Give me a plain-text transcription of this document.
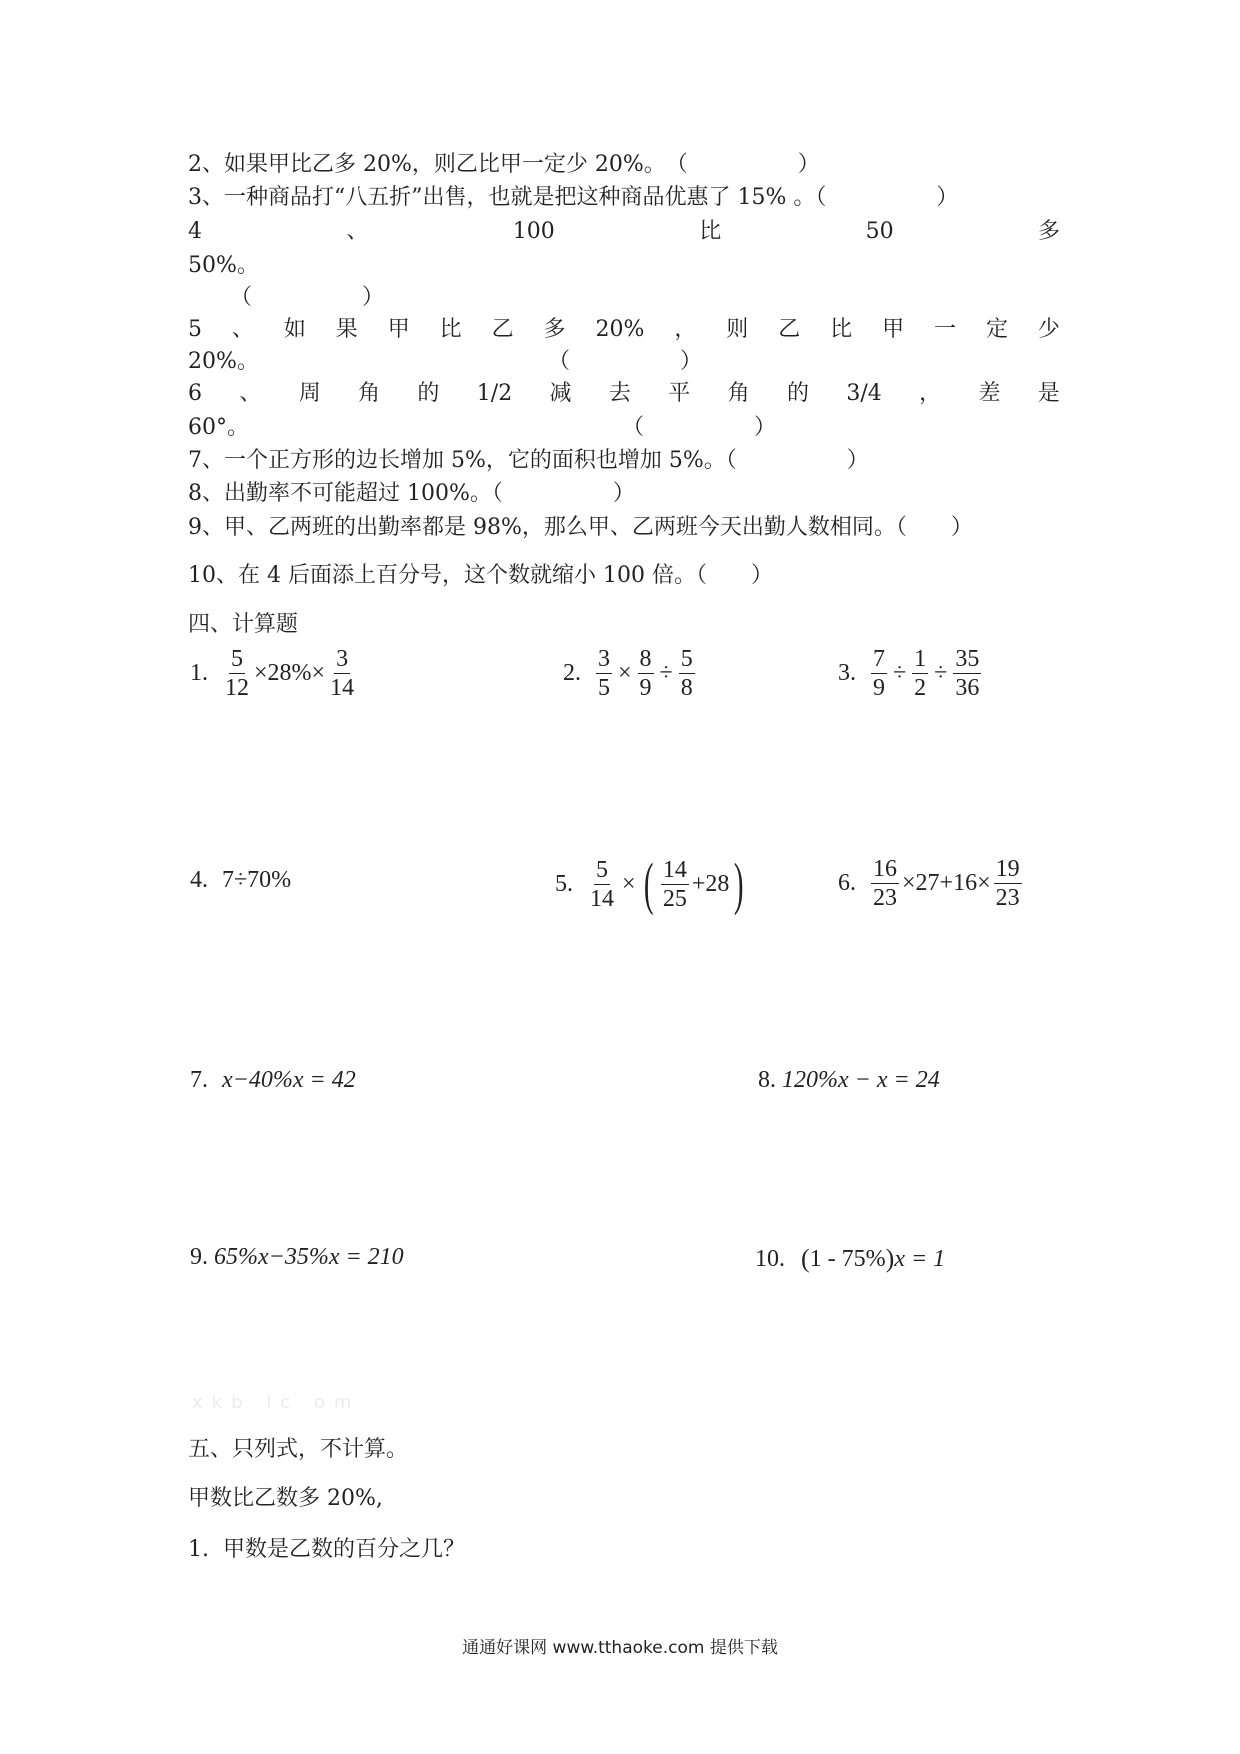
2、如果甲比乙多 20%，则乙比甲一定少 20%。　（　　　　　）
3、一种商品打“八五折”出售，也就是把这种商品优惠了 15% 。（　　　　　）
4	、	100	比	50	多
50%。
（　　　　　）
5 、 如 果 甲 比 乙 多 20% ， 则 乙 比 甲 一 定 少
20%。	（　　　　　）
6 、 周 角 的 1/2 减 去 平 角 的 3/4 ， 差 是
60°。	（　　　　　）
7、一个正方形的边长增加 5%，它的面积也增加 5%。（　　　　　）
8、出勤率不可能超过 100%。（　　　　　）
9、甲、乙两班的出勤率都是 98%，那么甲、乙两班今天出勤人数相同。（　　）
10、在 4 后面添上百分号，这个数就缩小 100 倍。（　　）
四、计算题
1. $\frac{5}{12} \times 28\%\times \frac{3}{14}$	2. $\frac{3}{5} \times \frac{8}{9} \div \frac{5}{8}$	3. $\frac{7}{9} \div \frac{1}{2} \div \frac{35}{36}$
4. 7÷70%	5. $\frac{5}{14}$ × ( $\frac{14}{25} +28$ )	6. $\frac{16}{23} \times 27+16\times \frac{19}{23}$
7. x−40%x = 42	8. 120%x − x = 24
9. 65%x−35%x = 210	10. ( 1 - 75% ) x = 1
xkb lc om
五、只列式，不计算。
甲数比乙数多 20%,
1.  甲数是乙数的百分之几？
通通好课网 www.tthaoke.com 提供下载
